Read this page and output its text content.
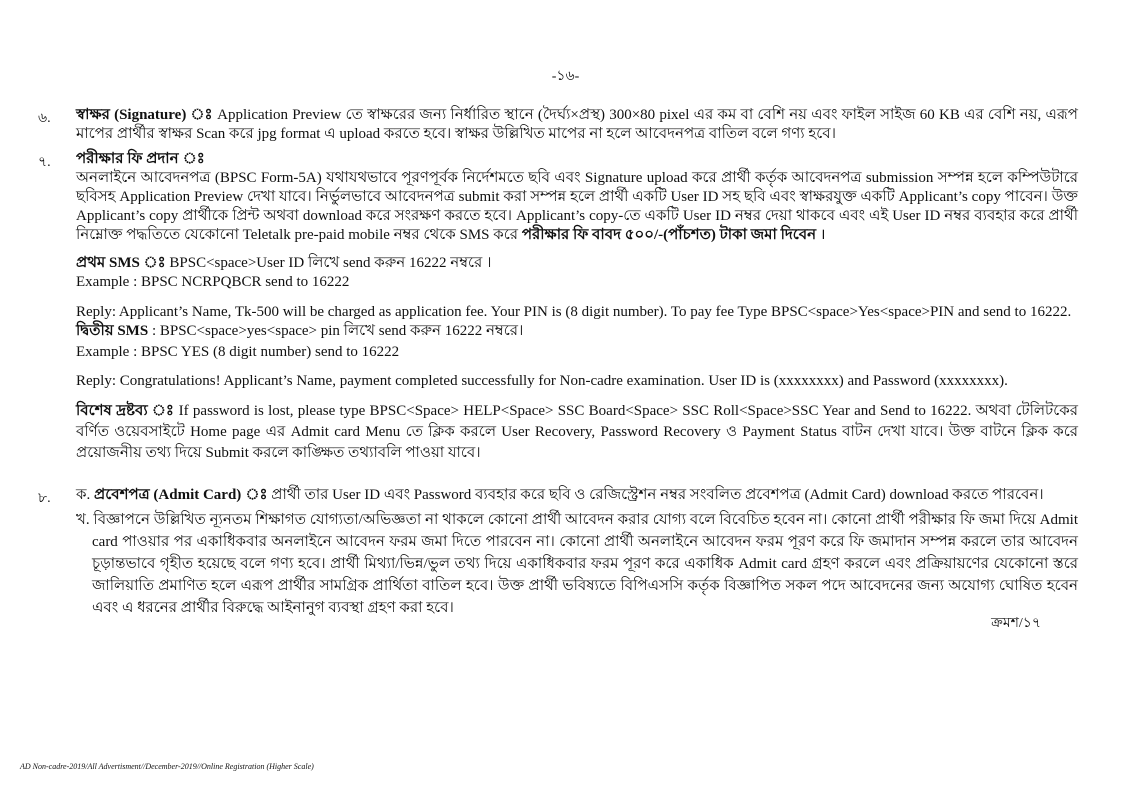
-১৬-
৬. স্বাক্ষর (Signature) ঃ Application Preview তে স্বাক্ষরের জন্য নির্ধারিত স্থানে (দৈর্ঘ্য×প্রস্থ) 300×80 pixel এর কম বা বেশি নয় এবং ফাইল সাইজ 60 KB এর বেশি নয়, এরূপ মাপের প্রার্থীর স্বাক্ষর Scan করে jpg format এ upload করতে হবে। স্বাক্ষর উল্লিখিত মাপের না হলে আবেদনপত্র বাতিল বলে গণ্য হবে।

৭. পরীক্ষার ফি প্রদান ঃ

অনলাইনে আবেদনপত্র (BPSC Form-5A) যথাযথভাবে পূরণপূর্বক নির্দেশমতে ছবি এবং Signature upload করে প্রার্থী কর্তৃক আবেদনপত্র submission সম্পন্ন হলে কম্পিউটারে ছবিসহ Application Preview দেখা যাবে। নির্ভুলভাবে আবেদনপত্র submit করা সম্পন্ন হলে প্রার্থী একটি User ID সহ ছবি এবং স্বাক্ষরযুক্ত একটি Applicant’s copy পাবেন। উক্ত Applicant’s copy প্রার্থীকে প্রিন্ট অথবা download করে সংরক্ষণ করতে হবে। Applicant’s copy-তে একটি User ID নম্বর দেয়া থাকবে এবং এই User ID নম্বর ব্যবহার করে প্রার্থী নিম্নোক্ত পদ্ধতিতে যেকোনো Teletalk pre-paid mobile নম্বর থেকে SMS করে পরীক্ষার ফি বাবদ ৫০০/-(পাঁচশত) টাকা জমা দিবেন ।

প্রথম SMS ঃ BPSC<space>User ID লিখে send করুন 16222 নম্বরে ।

Example : BPSC NCRPQBCR send to 16222

Reply: Applicant’s Name, Tk-500 will be charged as application fee. Your PIN is (8 digit number). To pay fee Type BPSC<space>Yes<space>PIN and send to 16222.

দ্বিতীয় SMS : BPSC<space>yes<space> pin লিখে send করুন 16222 নম্বরে।

Example : BPSC YES (8 digit number) send to 16222

Reply: Congratulations! Applicant’s Name, payment completed successfully for Non-cadre examination. User ID is (xxxxxxxx) and Password (xxxxxxxx).

বিশেষ দ্রষ্টব্য ঃ If password is lost, please type BPSC<Space> HELP<Space> SSC Board<Space> SSC Roll<Space>SSC Year and Send to 16222. অথবা টেলিটকের বর্ণিত ওয়েবসাইটে Home page এর Admit card Menu তে ক্লিক করলে User Recovery, Password Recovery ও Payment Status বাটন দেখা যাবে। উক্ত বাটনে ক্লিক করে প্রয়োজনীয় তথ্য দিয়ে Submit করলে কাঙ্ক্ষিত তথ্যাবলি পাওয়া যাবে।

৮. ক. প্রবেশপত্র (Admit Card) ঃ প্রার্থী তার User ID এবং Password ব্যবহার করে ছবি ও রেজিস্ট্রেশন নম্বর সংবলিত প্রবেশপত্র (Admit Card) download করতে পারবেন।

খ. বিজ্ঞাপনে উল্লিখিত ন্যূনতম শিক্ষাগত যোগ্যতা/অভিজ্ঞতা না থাকলে কোনো প্রার্থী আবেদন করার যোগ্য বলে বিবেচিত হবেন না। কোনো প্রার্থী পরীক্ষার ফি জমা দিয়ে Admit card পাওয়ার পর একাধিকবার অনলাইনে আবেদন ফরম জমা দিতে পারবেন না। কোনো প্রার্থী অনলাইনে আবেদন ফরম পূরণ করে ফি জমাদান সম্পন্ন করলে তার আবেদন চূড়ান্তভাবে গৃহীত হয়েছে বলে গণ্য হবে। প্রার্থী মিথ্যা/ভিন্ন/ভুল তথ্য দিয়ে একাধিকবার ফরম পূরণ করে একাধিক Admit card গ্রহণ করলে এবং প্রক্রিয়ায়ণের যেকোনো স্তরে জালিয়াতি প্রমাণিত হলে এরূপ প্রার্থীর সামগ্রিক প্রার্থিতা বাতিল হবে। উক্ত প্রার্থী ভবিষ্যতে বিপিএসসি কর্তৃক বিজ্ঞাপিত সকল পদে আবেদনের জন্য অযোগ্য ঘোষিত হবেন এবং এ ধরনের প্রার্থীর বিরুদ্ধে আইনানুগ ব্যবস্থা গ্রহণ করা হবে।

ক্রমশ/১৭
AD Non-cadre-2019/All Advertisment//December-2019//Online Registration (Higher Scale)
